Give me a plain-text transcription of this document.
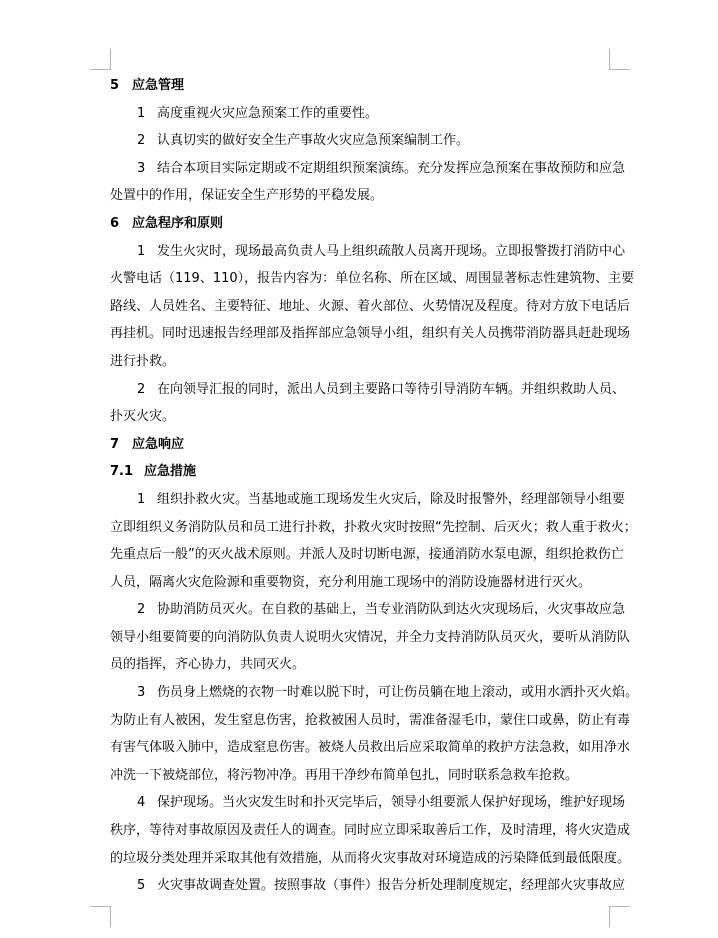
5 应急管理
1 高度重视火灾应急预案工作的重要性。
2 认真切实的做好安全生产事故火灾应急预案编制工作。
3 结合本项目实际定期或不定期组织预案演练。充分发挥应急预案在事故预防和应急
处置中的作用，保证安全生产形势的平稳发展。
6 应急程序和原则
1 发生火灾时，现场最高负责人马上组织疏散人员离开现场。立即报警拨打消防中心
火警电话（119、110），报告内容为：单位名称、所在区域、周围显著标志性建筑物、主要
路线、人员姓名、主要特征、地址、火源、着火部位、火势情况及程度。待对方放下电话后
再挂机。同时迅速报告经理部及指挥部应急领导小组，组织有关人员携带消防器具赶赴现场
进行扑救。
2 在向领导汇报的同时，派出人员到主要路口等待引导消防车辆。并组织救助人员、
扑灭火灾。
7 应急响应
7.1 应急措施
1 组织扑救火灾。当基地或施工现场发生火灾后，除及时报警外，经理部领导小组要
立即组织义务消防队员和员工进行扑救，扑救火灾时按照“先控制、后灭火；救人重于救火；
先重点后一般”的灭火战术原则。并派人及时切断电源，接通消防水泵电源，组织抢救伤亡
人员，隔离火灾危险源和重要物资，充分利用施工现场中的消防设施器材进行灭火。
2 协助消防员灭火。在自救的基础上，当专业消防队到达火灾现场后，火灾事故应急
领导小组要简要的向消防队负责人说明火灾情况，并全力支持消防队员灭火，要听从消防队
员的指挥，齐心协力，共同灭火。
3 伤员身上燃烧的衣物一时难以脱下时，可让伤员躺在地上滚动，或用水洒扑灭火焰。
为防止有人被困，发生窒息伤害，抢救被困人员时，需准备湿毛巾，蒙住口或鼻，防止有毒
有害气体吸入肺中，造成窒息伤害。被烧人员救出后应采取简单的救护方法急救，如用净水
冲洗一下被烧部位，将污物冲净。再用干净纱布简单包扎，同时联系急救车抢救。
4 保护现场。当火灾发生时和扑灭完毕后，领导小组要派人保护好现场，维护好现场
秩序，等待对事故原因及责任人的调查。同时应立即采取善后工作，及时清理，将火灾造成
的垃圾分类处理并采取其他有效措施，从而将火灾事故对环境造成的污染降低到最低限度。
5 火灾事故调查处置。按照事故（事件）报告分析处理制度规定，经理部火灾事故应
